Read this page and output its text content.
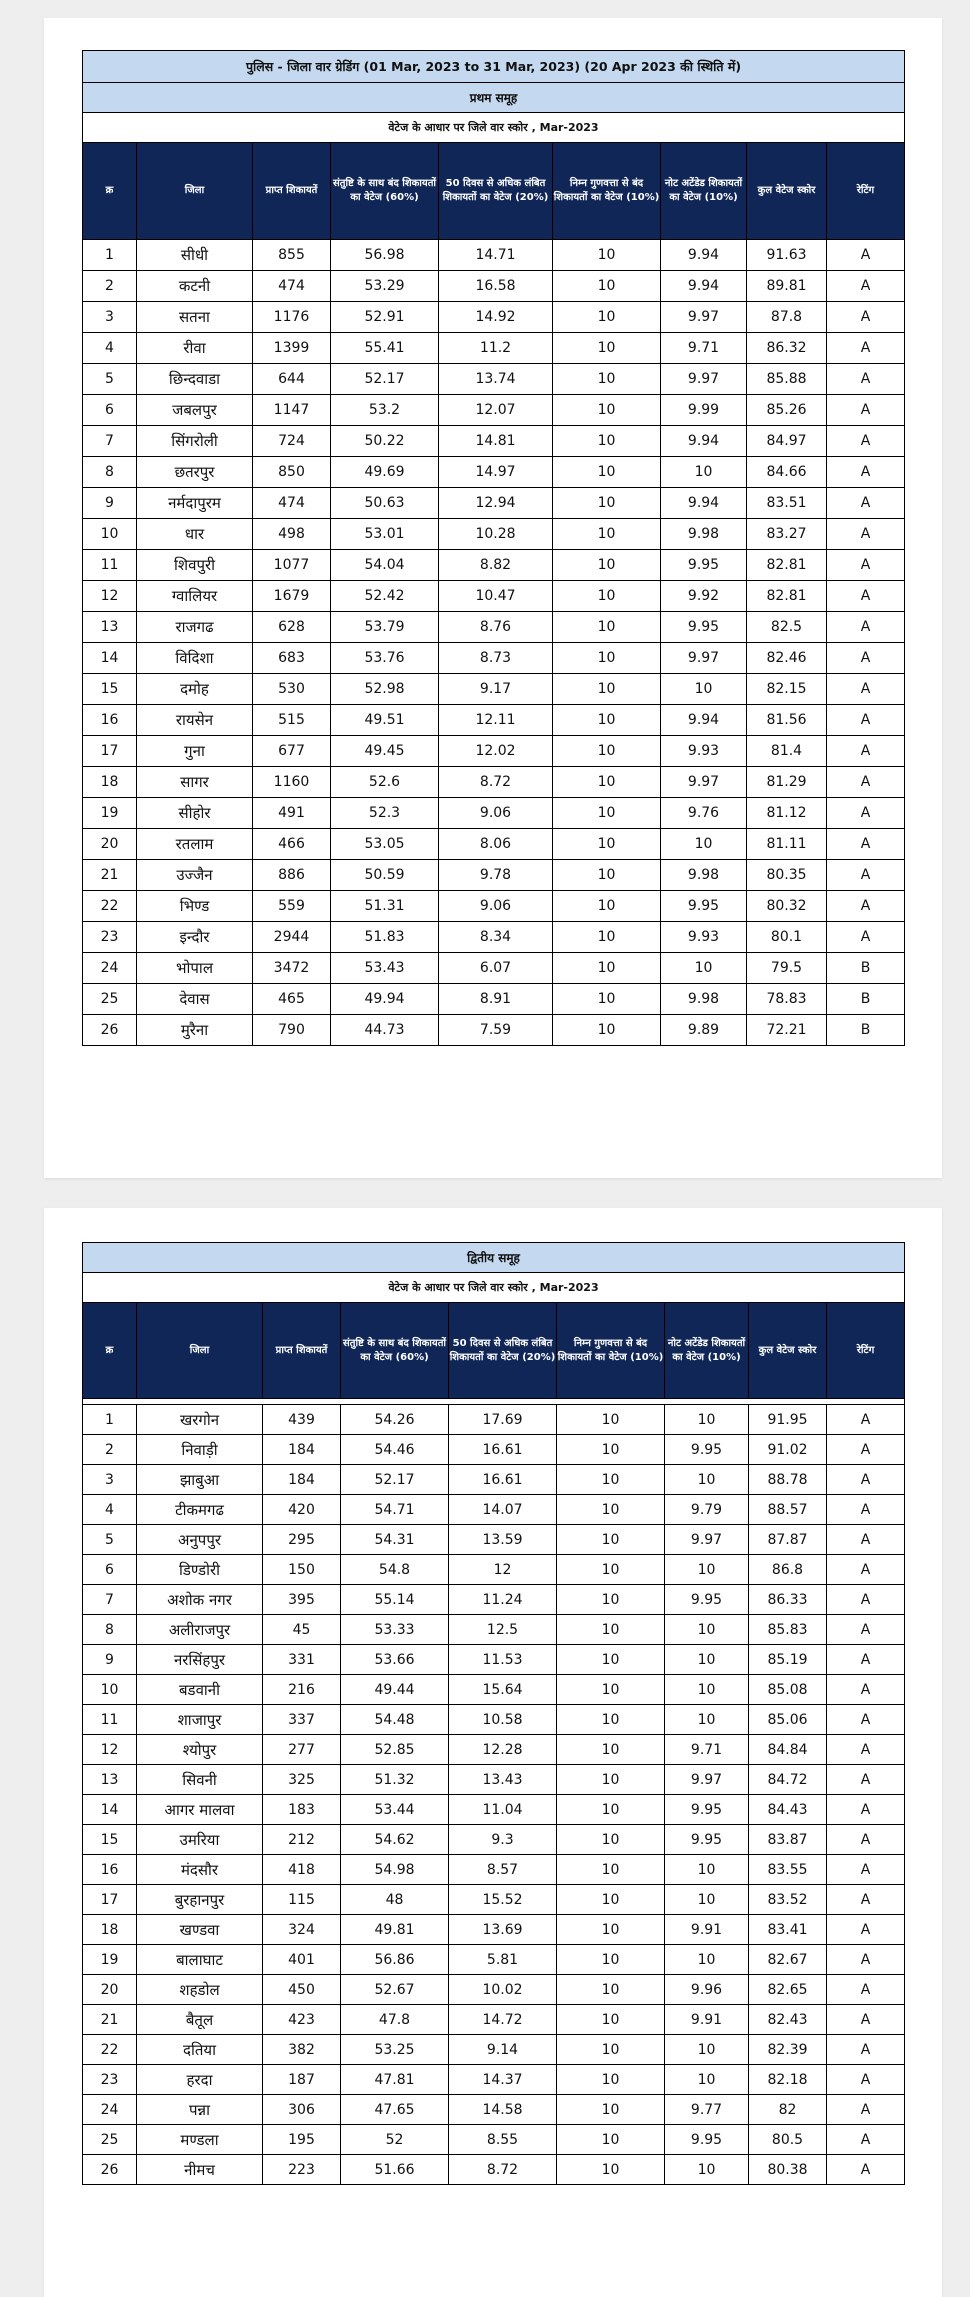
पुलिस - जिला वार ग्रेडिंग (01 Mar, 2023 to 31 Mar, 2023) (20 Apr 2023 की स्थिति में)								
प्रथम समूह								
वेटेज के आधार पर जिले वार स्कोर , Mar-2023								
क्र	जिला	प्राप्त शिकायतें	संतुष्टि के साथ बंद शिकायतों का वेटेज (60%)	50 दिवस से अधिक लंबित शिकायतों का वेटेज (20%)	निम्न गुणवत्ता से बंद शिकायतों का वेटेज (10%)	नोट अटेंडेड शिकायतों का वेटेज (10%)	कुल वेटेज स्कोर	रेटिंग
1	सीधी	855	56.98	14.71	10	9.94	91.63	A
2	कटनी	474	53.29	16.58	10	9.94	89.81	A
3	सतना	1176	52.91	14.92	10	9.97	87.8	A
4	रीवा	1399	55.41	11.2	10	9.71	86.32	A
5	छिन्दवाडा	644	52.17	13.74	10	9.97	85.88	A
6	जबलपुर	1147	53.2	12.07	10	9.99	85.26	A
7	सिंगरोली	724	50.22	14.81	10	9.94	84.97	A
8	छतरपुर	850	49.69	14.97	10	10	84.66	A
9	नर्मदापुरम	474	50.63	12.94	10	9.94	83.51	A
10	धार	498	53.01	10.28	10	9.98	83.27	A
11	शिवपुरी	1077	54.04	8.82	10	9.95	82.81	A
12	ग्वालियर	1679	52.42	10.47	10	9.92	82.81	A
13	राजगढ	628	53.79	8.76	10	9.95	82.5	A
14	विदिशा	683	53.76	8.73	10	9.97	82.46	A
15	दमोह	530	52.98	9.17	10	10	82.15	A
16	रायसेन	515	49.51	12.11	10	9.94	81.56	A
17	गुना	677	49.45	12.02	10	9.93	81.4	A
18	सागर	1160	52.6	8.72	10	9.97	81.29	A
19	सीहोर	491	52.3	9.06	10	9.76	81.12	A
20	रतलाम	466	53.05	8.06	10	10	81.11	A
21	उज्जैन	886	50.59	9.78	10	9.98	80.35	A
22	भिण्ड	559	51.31	9.06	10	9.95	80.32	A
23	इन्दौर	2944	51.83	8.34	10	9.93	80.1	A
24	भोपाल	3472	53.43	6.07	10	10	79.5	B
25	देवास	465	49.94	8.91	10	9.98	78.83	B
26	मुरैना	790	44.73	7.59	10	9.89	72.21	B
द्वितीय समूह								
वेटेज के आधार पर जिले वार स्कोर , Mar-2023								
क्र	जिला	प्राप्त शिकायतें	संतुष्टि के साथ बंद शिकायतों का वेटेज (60%)	50 दिवस से अधिक लंबित शिकायतों का वेटेज (20%)	निम्न गुणवत्ता से बंद शिकायतों का वेटेज (10%)	नोट अटेंडेड शिकायतों का वेटेज (10%)	कुल वेटेज स्कोर	रेटिंग

1	खरगोन	439	54.26	17.69	10	10	91.95	A
2	निवाड़ी	184	54.46	16.61	10	9.95	91.02	A
3	झाबुआ	184	52.17	16.61	10	10	88.78	A
4	टीकमगढ	420	54.71	14.07	10	9.79	88.57	A
5	अनुपपुर	295	54.31	13.59	10	9.97	87.87	A
6	डिण्डोरी	150	54.8	12	10	10	86.8	A
7	अशोक नगर	395	55.14	11.24	10	9.95	86.33	A
8	अलीराजपुर	45	53.33	12.5	10	10	85.83	A
9	नरसिंहपुर	331	53.66	11.53	10	10	85.19	A
10	बडवानी	216	49.44	15.64	10	10	85.08	A
11	शाजापुर	337	54.48	10.58	10	10	85.06	A
12	श्योपुर	277	52.85	12.28	10	9.71	84.84	A
13	सिवनी	325	51.32	13.43	10	9.97	84.72	A
14	आगर मालवा	183	53.44	11.04	10	9.95	84.43	A
15	उमरिया	212	54.62	9.3	10	9.95	83.87	A
16	मंदसौर	418	54.98	8.57	10	10	83.55	A
17	बुरहानपुर	115	48	15.52	10	10	83.52	A
18	खण्डवा	324	49.81	13.69	10	9.91	83.41	A
19	बालाघाट	401	56.86	5.81	10	10	82.67	A
20	शहडोल	450	52.67	10.02	10	9.96	82.65	A
21	बैतूल	423	47.8	14.72	10	9.91	82.43	A
22	दतिया	382	53.25	9.14	10	10	82.39	A
23	हरदा	187	47.81	14.37	10	10	82.18	A
24	पन्ना	306	47.65	14.58	10	9.77	82	A
25	मण्डला	195	52	8.55	10	9.95	80.5	A
26	नीमच	223	51.66	8.72	10	10	80.38	A
